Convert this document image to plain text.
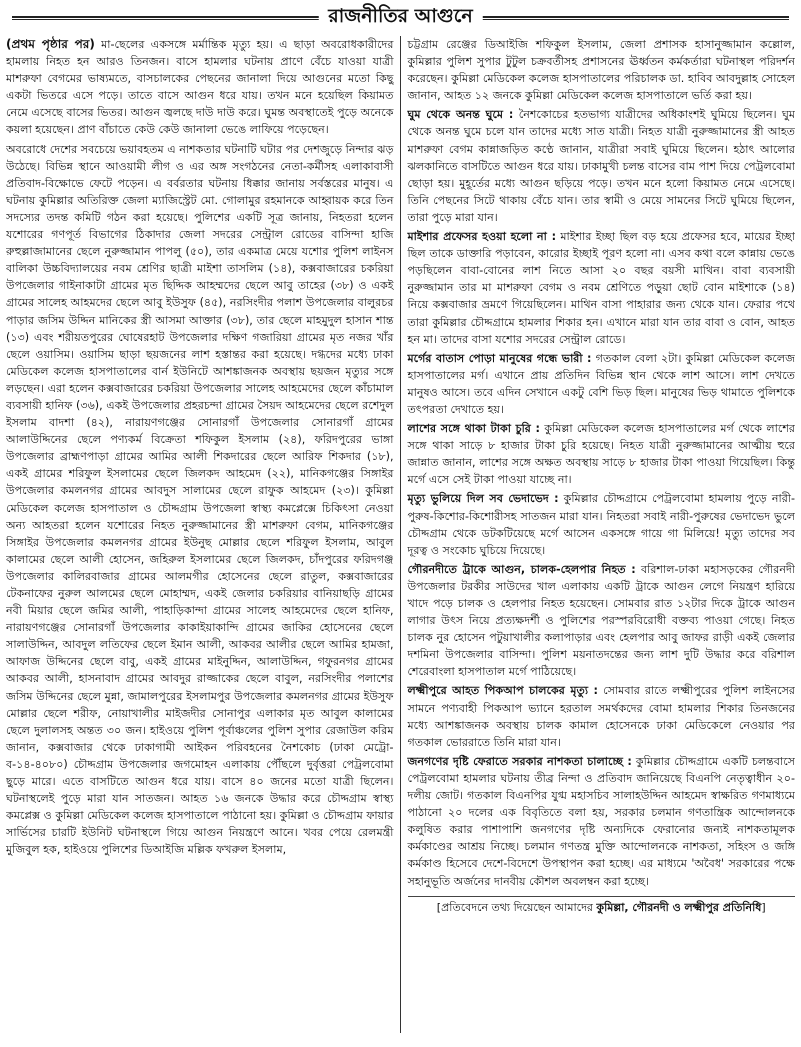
রাজনীতির আগুনে

(প্রথম পৃষ্ঠার পর) মা-ছেলের একসঙ্গে মর্মান্তিক মৃত্যু হয়। এ ছাড়া অবরোধকারীদের হামলায় নিহত হন আরও তিনজন। বাসে হামলার ঘটনায় প্রাণে বেঁচে যাওয়া যাত্রী মাশরুফা বেগমের ভাষ্যমতে, বাসচালকের পেছনের জানালা দিয়ে আগুনের মতো কিছু একটা ভিতরে এসে পড়ে। তাতে বাসে আগুন ধরে যায়। তখন মনে হয়েছিল কিয়ামত নেমে এসেছে বাসের ভিতর। আগুন জ্বলছে দাউ দাউ করে। ঘুমন্ত অবস্থাতেই পুড়ে অনেকে কয়লা হয়েছেন। প্রাণ বাঁচাতে কেউ কেউ জানালা ভেঙে লাফিয়ে পড়েছেন।

অবরোধে দেশের সবচেয়ে ভয়াবহতম এ নাশকতার ঘটনাটি ঘটার পর দেশজুড়ে নিন্দার ঝড় উঠেছে। বিভিন্ন স্থানে আওয়ামী লীগ ও এর অঙ্গ সংগঠনের নেতা-কর্মীসহ এলাকাবাসী প্রতিবাদ-বিক্ষোভে ফেটে পড়েন। এ বর্বরতার ঘটনায় ধিক্কার জানায় সর্বস্তরের মানুষ। এ ঘটনায় কুমিল্লার অতিরিক্ত জেলা ম্যাজিস্ট্রেট মো. গোলামুর রহমানকে আহ্বায়ক করে তিন সদস্যের তদন্ত কমিটি গঠন করা হয়েছে। পুলিশের একটি সূত্র জানায়, নিহতরা হলেন যশোরের গণপূর্ত বিভাগের ঠিকাদার জেলা সদরের সেন্ট্রাল রোডের বাসিন্দা হাজি রুহুল্লাজামানের ছেলে নুরুজ্জামান পাপলু (৫০), তার একমাত্র মেয়ে যশোর পুলিশ লাইনস বালিকা উচ্চবিদ্যালয়ের নবম শ্রেণির ছাত্রী মাইশা তাসলিম (১৪), কক্সবাজারের চকরিয়া উপজেলার গাইনাকাটা গ্রামের মৃত ছিদ্দিক আহম্মদের ছেলে আবু তাহের (৩৮) ও একই গ্রামের সালেহ আহমদের ছেলে আবু ইউসুফ (৪৫), নরসিংদীর পলাশ উপজেলার বালুরচর পাড়ার জসিম উদ্দিন মানিকের স্ত্রী আসমা আক্তার (৩৮), তার ছেলে মাহমুদুল হাসান শান্ত (১৩) এবং শরীয়তপুরের ঘোষেরহাট উপজেলার দক্ষিণ গজারিয়া গ্রামের মৃত নজর খাঁর ছেলে ওয়াসিম। ওয়াসিম ছাড়া ছয়জনের লাশ হস্তান্তর করা হয়েছে। দগ্ধদের মধ্যে ঢাকা মেডিকেল কলেজ হাসপাতালের বার্ন ইউনিটে আশঙ্কাজনক অবস্থায় ছয়জন মৃত্যুর সঙ্গে লড়ছেন। এরা হলেন কক্সবাজারের চকরিয়া উপজেলার সালেহ আহমেদের ছেলে কাঁচামাল ব্যবসায়ী হানিফ (৩৬), একই উপজেলার প্রহরচন্দা গ্রামের সৈয়দ আহমেদের ছেলে রশেদুল ইসলাম বাদশা (৪২), নারায়ণগঞ্জের সোনারগাঁ উপজেলার সোনারগাঁ গ্রামের আলাউদ্দিনের ছেলে পণ্যকর্ম বিক্রেতা শফিকুল ইসলাম (২৪), ফরিদপুরের ভাঙ্গা উপজেলার ব্রাহ্মণপাড়া গ্রামের আমির আলী শিকদারের ছেলে আরিফ শিকদার (১৮), একই গ্রামের শরিফুল ইসলামের ছেলে জিলকদ আহমেদ (২২), মানিকগঞ্জের সিঙ্গাইর উপজেলার কমলনগর গ্রামের আবদুস সালামের ছেলে রাফুক আহমেদ (২৩)। কুমিল্লা মেডিকেল কলেজ হাসপাতাল ও চৌদ্দগ্রাম উপজেলা স্বাস্থ্য কমপ্লেক্সে চিকিৎসা নেওয়া অন্য আহতরা হলেন যশোরের নিহত নুরুজ্জামানের স্ত্রী মাশরুফা বেগম, মানিকগঞ্জের সিঙ্গাইর উপজেলার কমলনগর গ্রামের ইউনুছ মোল্লার ছেলে শরিফুল ইসলাম, আবুল কালামের ছেলে আলী হোসেন, জহিরুল ইসলামের ছেলে জিলকদ, চাঁদপুরের ফরিদগঞ্জ উপজেলার কালিরবাজার গ্রামের আলমগীর হোসেনের ছেলে রাতুল, কক্সবাজারের টেকনাফের নুরুল আলমের ছেলে মোহাম্মদ, একই জেলার চকরিয়ার বানিয়াছড়ি গ্রামের নবী মিয়ার ছেলে জমির আলী, পাহাড়িকান্দা গ্রামের সালেহ আহমেদের ছেলে হানিফ, নারায়ণগঞ্জের সোনারগাঁ উপজেলার কাকাইয়াকান্দি গ্রামের জাকির হোসেনের ছেলে সালাউদ্দিন, আবদুল লতিফের ছেলে ইমান আলী, আকবর আলীর ছেলে আমির হামজা, আফাজ উদ্দিনের ছেলে বাবু, একই গ্রামের মাইনুদ্দিন, আলাউদ্দিন, গফুরনগর গ্রামের আকবর আলী, হাসনাবাদ গ্রামের আবদুর রাজ্জাকের ছেলে বাবুল, নরসিংদীর পলাশের জসিম উদ্দিনের ছেলে মুন্না, জামালপুরের ইসলামপুর উপজেলার কমলনগর গ্রামের ইউসুফ মোল্লার ছেলে শরীফ, নোয়াখালীর মাইজদীর সোনাপুর এলাকার মৃত আবুল কালামের ছেলে দুলালসহ অন্তত ৩০ জন। হাইওয়ে পুলিশ পূর্বাঞ্চলের পুলিশ সুপার রেজাউল করিম জানান, কক্সবাজার থেকে ঢাকাগামী আইকন পরিবহনের নৈশকোচ (ঢাকা মেট্রো-ব-১৪-৪০৮০) চৌদ্দগ্রাম উপজেলার জগমোহন এলাকায় পৌঁছলে দুর্বৃত্তরা পেট্রলবোমা ছুড়ে মারে। এতে বাসটিতে আগুন ধরে যায়। বাসে ৪০ জনের মতো যাত্রী ছিলেন। ঘটনাস্থলেই পুড়ে মারা যান সাতজন। আহত ১৬ জনকে উদ্ধার করে চৌদ্দগ্রাম স্বাস্থ্য কমপ্লেক্স ও কুমিল্লা মেডিকেল কলেজ হাসপাতালে পাঠানো হয়। কুমিল্লা ও চৌদ্দগ্রাম ফায়ার সার্ভিসের চারটি ইউনিট ঘটনাস্থলে গিয়ে আগুন নিয়ন্ত্রণে আনে। খবর পেয়ে রেলমন্ত্রী মুজিবুল হক, হাইওয়ে পুলিশের ডিআইজি মল্লিক ফখরুল ইসলাম,

চট্টগ্রাম রেঞ্জের ডিআইজি শফিকুল ইসলাম, জেলা প্রশাসক হাসানুজ্জামান কল্লোল, কুমিল্লার পুলিশ সুপার টুটুল চক্রবর্তীসহ প্রশাসনের ঊর্ধ্বতন কর্মকর্তারা ঘটনাস্থল পরিদর্শন করেছেন। কুমিল্লা মেডিকেল কলেজ হাসপাতালের পরিচালক ডা. হাবিব আবদুল্লাহ সোহেল জানান, আহত ১২ জনকে কুমিল্লা মেডিকেল কলেজ হাসপাতালে ভর্তি করা হয়।

ঘুম থেকে অনন্ত ঘুমে : নৈশকোচের হতভাগ্য যাত্রীদের অধিকাংশই ঘুমিয়ে ছিলেন। ঘুম থেকে অনন্ত ঘুমে চলে যান তাদের মধ্যে সাত যাত্রী। নিহত যাত্রী নুরুজ্জামানের স্ত্রী আহত মাশরুফা বেগম কান্নাজড়িত কণ্ঠে জানান, যাত্রীরা সবাই ঘুমিয়ে ছিলেন। হঠাৎ আলোর ঝলকানিতে বাসটিতে আগুন ধরে যায়। ঢাকামুখী চলন্ত বাসের বাম পাশ দিয়ে পেট্রলবোমা ছোড়া হয়। মুহূর্তের মধ্যে আগুন ছড়িয়ে পড়ে। তখন মনে হলো কিয়ামত নেমে এসেছে। তিনি পেছনের সিটে থাকায় বেঁচে যান। তার স্বামী ও মেয়ে সামনের সিটে ঘুমিয়ে ছিলেন, তারা পুড়ে মারা যান।

মাইশার প্রফেসর হওয়া হলো না : মাইশার ইচ্ছা ছিল বড় হয়ে প্রফেসর হবে, মায়ের ইচ্ছা ছিল তাকে ডাক্তারি পড়াবেন, কারোর ইচ্ছাই পূরণ হলো না। এসব কথা বলে কান্নায় ভেঙে পড়ছিলেন বাবা-বোনের লাশ নিতে আসা ২০ বছর বয়সী মাথিন। বাবা ব্যবসায়ী নুরুজ্জামান তার মা মাশরুফা বেগম ও নবম শ্রেণিতে পড়ুয়া ছোট বোন মাইশাকে (১৪) নিয়ে কক্সবাজার ভ্রমণে গিয়েছিলেন। মাথিন বাসা পাহারার জন্য থেকে যান। ফেরার পথে তারা কুমিল্লার চৌদ্দগ্রামে হামলার শিকার হন। এখানে মারা যান তার বাবা ও বোন, আহত হন মা। তাদের বাসা যশোর সদরের সেন্ট্রাল রোডে।

মর্গের বাতাস পোড়া মানুষের গন্ধে ভারী : গতকাল বেলা ২টা। কুমিল্লা মেডিকেল কলেজ হাসপাতালের মর্গ। এখানে প্রায় প্রতিদিন বিভিন্ন স্থান থেকে লাশ আসে। লাশ দেখতে মানুষও আসে। তবে এদিন সেখানে একটু বেশি ভিড় ছিল। মানুষের ভিড় থামাতে পুলিশকে তৎপরতা দেখাতে হয়।

লাশের সঙ্গে থাকা টাকা চুরি : কুমিল্লা মেডিকেল কলেজ হাসপাতালের মর্গ থেকে লাশের সঙ্গে থাকা সাড়ে ৮ হাজার টাকা চুরি হয়েছে। নিহত যাত্রী নুরুজ্জামানের আত্মীয় হুরে জান্নাত জানান, লাশের সঙ্গে অক্ষত অবস্থায় সাড়ে ৮ হাজার টাকা পাওয়া গিয়েছিল। কিন্তু মর্গে এসে সেই টাকা পাওয়া যাচ্ছে না।

মৃত্যু ভুলিয়ে দিল সব ভেদাভেদ : কুমিল্লার চৌদ্দগ্রামে পেট্রলবোমা হামলায় পুড়ে নারী-পুরুষ-কিশোর-কিশোরীসহ সাতজন মারা যান। নিহতরা সবাই নারী-পুরুষের ভেদাভেদ ভুলে চৌদ্দগ্রাম থেকে ডটকটিয়েছে মর্গে আসেন একসঙ্গে গায়ে গা মিলিয়ে! মৃত্যু তাদের সব দূরত্ব ও সংকোচ ঘুচিয়ে দিয়েছে।

গৌরনদীতে ট্রাকে আগুন, চালক-হেলপার নিহত : বরিশাল-ঢাকা মহাসড়কের গৌরনদী উপজেলার টরকীর সাউদের খাল এলাকায় একটি ট্রাকে আগুন লেগে নিয়ন্ত্রণ হারিয়ে খাদে পড়ে চালক ও হেলপার নিহত হয়েছেন। সোমবার রাত ১২টার দিকে ট্রাকে আগুন লাগার উৎস নিয়ে প্রত্যক্ষদর্শী ও পুলিশের পরস্পরবিরোধী বক্তব্য পাওয়া গেছে। নিহত চালক নুর হোসেন পটুয়াখালীর কলাপাড়ার এবং হেলপার আবু জাফর রাড়ী একই জেলার দশমিনা উপজেলার বাসিন্দা। পুলিশ ময়নাতদন্তের জন্য লাশ দুটি উদ্ধার করে বরিশাল শেরেবাংলা হাসপাতাল মর্গে পাঠিয়েছে।

লক্ষ্মীপুরে আহত পিকআপ চালকের মৃত্যু : সোমবার রাতে লক্ষ্মীপুরের পুলিশ লাইনসের সামনে পণ্যবাহী পিকআপ ভ্যানে হরতাল সমর্থকদের বোমা হামলার শিকার তিনজনের মধ্যে আশঙ্কাজনক অবস্থায় চালক কামাল হোসেনকে ঢাকা মেডিকেলে নেওয়ার পর গতকাল ভোররাতে তিনি মারা যান।

জনগণের দৃষ্টি ফেরাতে সরকার নাশকতা চালাচ্ছে : কুমিল্লার চৌদ্দগ্রামে একটি চলন্তবাসে পেট্রলবোমা হামলার ঘটনায় তীব্র নিন্দা ও প্রতিবাদ জানিয়েছে বিএনপি নেতৃত্বাধীন ২০-দলীয় জোট। গতকাল বিএনপির যুগ্ম মহাসচিব সালাহউদ্দিন আহমেদ স্বাক্ষরিত গণমাধ্যমে পাঠানো ২০ দলের এক বিবৃতিতে বলা হয়, সরকার চলমান গণতান্ত্রিক আন্দোলনকে কলুষিত করার পাশাপাশি জনগণের দৃষ্টি অন্যদিকে ফেরানোর জন্যই নাশকতামূলক কর্মকাণ্ডের আশ্রয় নিচ্ছে। চলমান গণতন্ত্র মুক্তি আন্দোলনকে নাশকতা, সহিংস ও জঙ্গি কর্মকাণ্ড হিসেবে দেশে-বিদেশে উপস্থাপন করা হচ্ছে। এর মাধ্যমে 'অবৈধ' সরকারের পক্ষে সহানুভূতি অর্জনের দানবীয় কৌশল অবলম্বন করা হচ্ছে।

[প্রতিবেদনে তথ্য দিয়েছেন আমাদের কুমিল্লা, গৌরনদী ও লক্ষ্মীপুর প্রতিনিধি]
